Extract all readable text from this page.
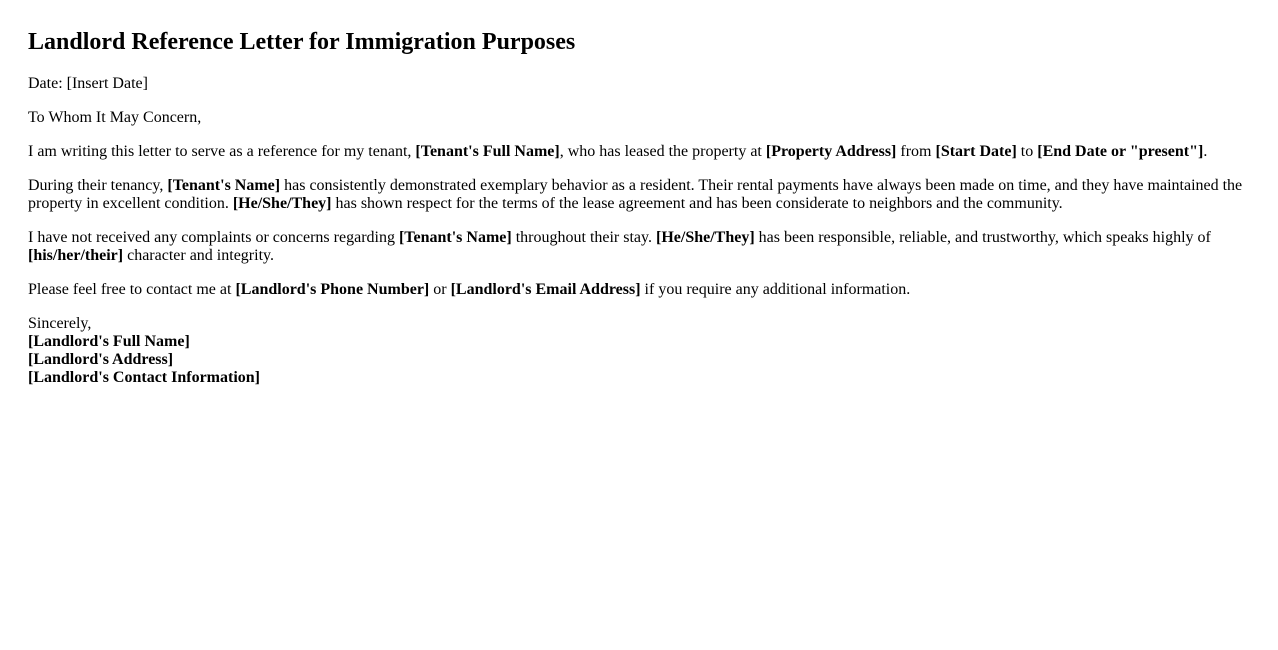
Landlord Reference Letter for Immigration Purposes

Date: [Insert Date]

To Whom It May Concern,

I am writing this letter to serve as a reference for my tenant, [Tenant's Full Name], who has leased the property at [Property Address] from [Start Date] to [End Date or "present"].

During their tenancy, [Tenant's Name] has consistently demonstrated exemplary behavior as a resident. Their rental payments have always been made on time, and they have maintained the property in excellent condition. [He/She/They] has shown respect for the terms of the lease agreement and has been considerate to neighbors and the community.

I have not received any complaints or concerns regarding [Tenant's Name] throughout their stay. [He/She/They] has been responsible, reliable, and trustworthy, which speaks highly of [his/her/their] character and integrity.

Please feel free to contact me at [Landlord's Phone Number] or [Landlord's Email Address] if you require any additional information.

Sincerely,
[Landlord's Full Name]
[Landlord's Address]
[Landlord's Contact Information]
